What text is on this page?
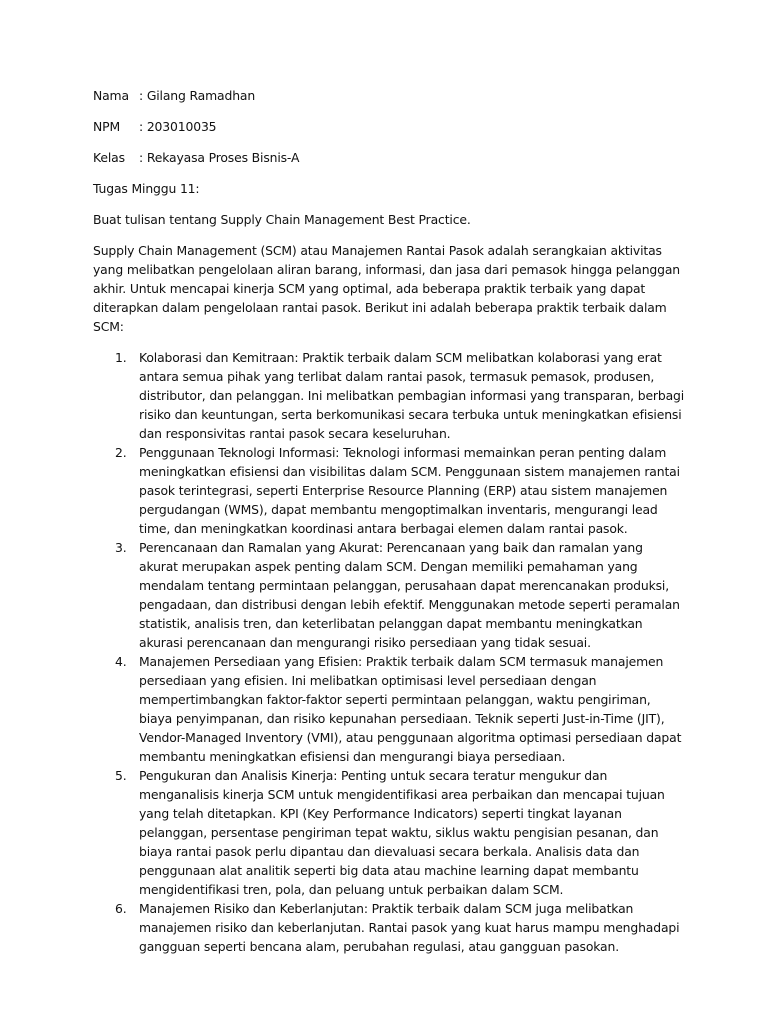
Nama : Gilang Ramadhan
NPM	: 203010035
Kelas	: Rekayasa Proses Bisnis-A

Tugas Minggu 11:

Buat tulisan tentang Supply Chain Management Best Practice.

Supply Chain Management (SCM) atau Manajemen Rantai Pasok adalah serangkaian aktivitas yang melibatkan pengelolaan aliran barang, informasi, dan jasa dari pemasok hingga pelanggan akhir. Untuk mencapai kinerja SCM yang optimal, ada beberapa praktik terbaik yang dapat diterapkan dalam pengelolaan rantai pasok. Berikut ini adalah beberapa praktik terbaik dalam SCM:

1.	Kolaborasi dan Kemitraan: Praktik terbaik dalam SCM melibatkan kolaborasi yang erat antara semua pihak yang terlibat dalam rantai pasok, termasuk pemasok, produsen, distributor, dan pelanggan. Ini melibatkan pembagian informasi yang transparan, berbagi risiko dan keuntungan, serta berkomunikasi secara terbuka untuk meningkatkan efisiensi dan responsivitas rantai pasok secara keseluruhan.
2.	Penggunaan Teknologi Informasi: Teknologi informasi memainkan peran penting dalam meningkatkan efisiensi dan visibilitas dalam SCM. Penggunaan sistem manajemen rantai pasok terintegrasi, seperti Enterprise Resource Planning (ERP) atau sistem manajemen pergudangan (WMS), dapat membantu mengoptimalkan inventaris, mengurangi lead time, dan meningkatkan koordinasi antara berbagai elemen dalam rantai pasok.
3.	Perencanaan dan Ramalan yang Akurat: Perencanaan yang baik dan ramalan yang akurat merupakan aspek penting dalam SCM. Dengan memiliki pemahaman yang mendalam tentang permintaan pelanggan, perusahaan dapat merencanakan produksi, pengadaan, dan distribusi dengan lebih efektif. Menggunakan metode seperti peramalan statistik, analisis tren, dan keterlibatan pelanggan dapat membantu meningkatkan akurasi perencanaan dan mengurangi risiko persediaan yang tidak sesuai.
4.	Manajemen Persediaan yang Efisien: Praktik terbaik dalam SCM termasuk manajemen persediaan yang efisien. Ini melibatkan optimisasi level persediaan dengan mempertimbangkan faktor-faktor seperti permintaan pelanggan, waktu pengiriman, biaya penyimpanan, dan risiko kepunahan persediaan. Teknik seperti Just-in-Time (JIT), Vendor-Managed Inventory (VMI), atau penggunaan algoritma optimasi persediaan dapat membantu meningkatkan efisiensi dan mengurangi biaya persediaan.
5.	Pengukuran dan Analisis Kinerja: Penting untuk secara teratur mengukur dan menganalisis kinerja SCM untuk mengidentifikasi area perbaikan dan mencapai tujuan yang telah ditetapkan. KPI (Key Performance Indicators) seperti tingkat layanan pelanggan, persentase pengiriman tepat waktu, siklus waktu pengisian pesanan, dan biaya rantai pasok perlu dipantau dan dievaluasi secara berkala. Analisis data dan penggunaan alat analitik seperti big data atau machine learning dapat membantu mengidentifikasi tren, pola, dan peluang untuk perbaikan dalam SCM.
6.	Manajemen Risiko dan Keberlanjutan: Praktik terbaik dalam SCM juga melibatkan manajemen risiko dan keberlanjutan. Rantai pasok yang kuat harus mampu menghadapi gangguan seperti bencana alam, perubahan regulasi, atau gangguan pasokan.
